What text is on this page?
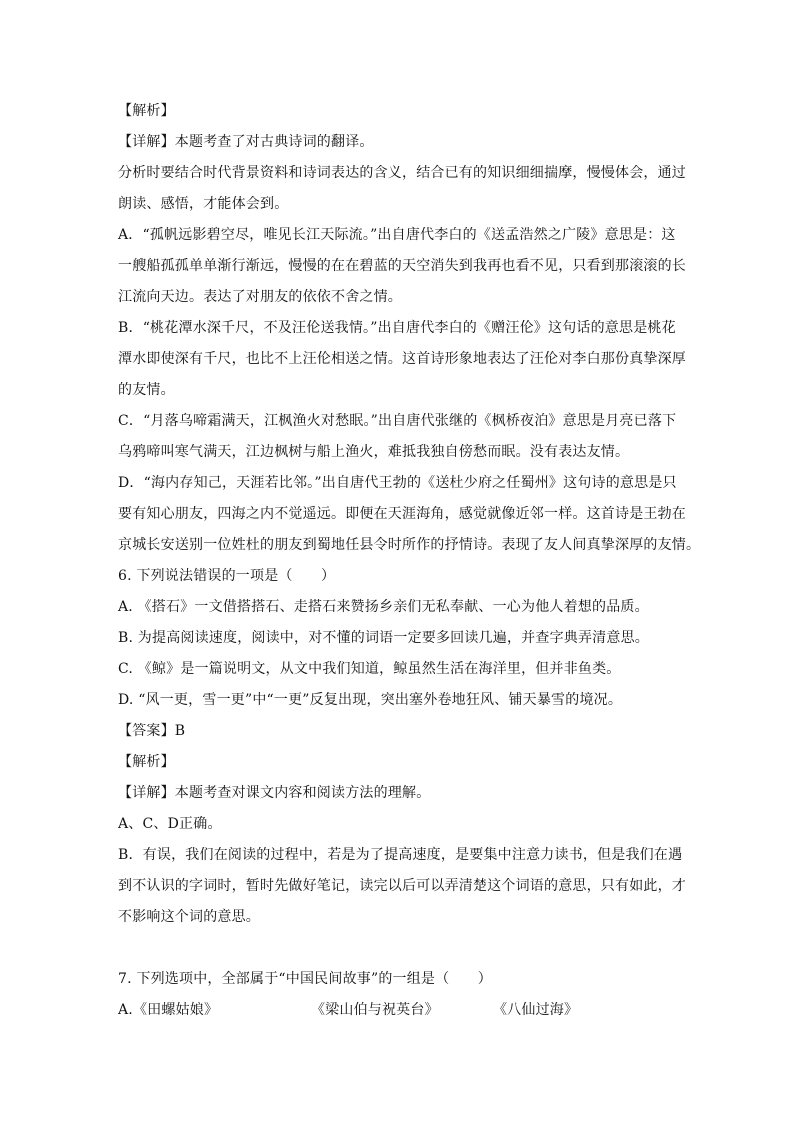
【解析】
【详解】本题考查了对古典诗词的翻译。
分析时要结合时代背景资料和诗词表达的含义，结合已有的知识细细揣摩，慢慢体会，通过
朗读、感悟，才能体会到。
A．“孤帆远影碧空尽，唯见长江天际流。”出自唐代李白的《送孟浩然之广陵》意思是：这
一艘船孤孤单单渐行渐远，慢慢的在在碧蓝的天空消失到我再也看不见，只看到那滚滚的长
江流向天边。表达了对朋友的依依不舍之情。
B．“桃花潭水深千尺，不及汪伦送我情。”出自唐代李白的《赠汪伦》这句话的意思是桃花
潭水即使深有千尺，也比不上汪伦相送之情。这首诗形象地表达了汪伦对李白那份真挚深厚
的友情。
C．“月落乌啼霜满天，江枫渔火对愁眠。”出自唐代张继的《枫桥夜泊》意思是月亮已落下
乌鸦啼叫寒气满天，江边枫树与船上渔火，难抵我独自傍愁而眠。没有表达友情。
D．“海内存知己，天涯若比邻。”出自唐代王勃的《送杜少府之任蜀州》这句诗的意思是只
要有知心朋友，四海之内不觉遥远。即便在天涯海角，感觉就像近邻一样。这首诗是王勃在
京城长安送别一位姓杜的朋友到蜀地任县令时所作的抒情诗。表现了友人间真挚深厚的友情。
6. 下列说法错误的一项是（　　）
A. 《搭石》一文借搭搭石、走搭石来赞扬乡亲们无私奉献、一心为他人着想的品质。
B. 为提高阅读速度，阅读中，对不懂的词语一定要多回读几遍，并查字典弄清意思。
C. 《鲸》是一篇说明文，从文中我们知道，鲸虽然生活在海洋里，但并非鱼类。
D. “风一更，雪一更”中“一更”反复出现，突出塞外卷地狂风、铺天暴雪的境况。
【答案】B
【解析】
【详解】本题考查对课文内容和阅读方法的理解。
A、C、D正确。
B．有误，我们在阅读的过程中，若是为了提高速度，是要集中注意力读书，但是我们在遇
到不认识的字词时，暂时先做好笔记，读完以后可以弄清楚这个词语的意思，只有如此，才
不影响这个词的意思。
7. 下列选项中，全部属于“中国民间故事”的一组是（　　）
A.《田螺姑娘》	《梁山伯与祝英台》	《八仙过海》
